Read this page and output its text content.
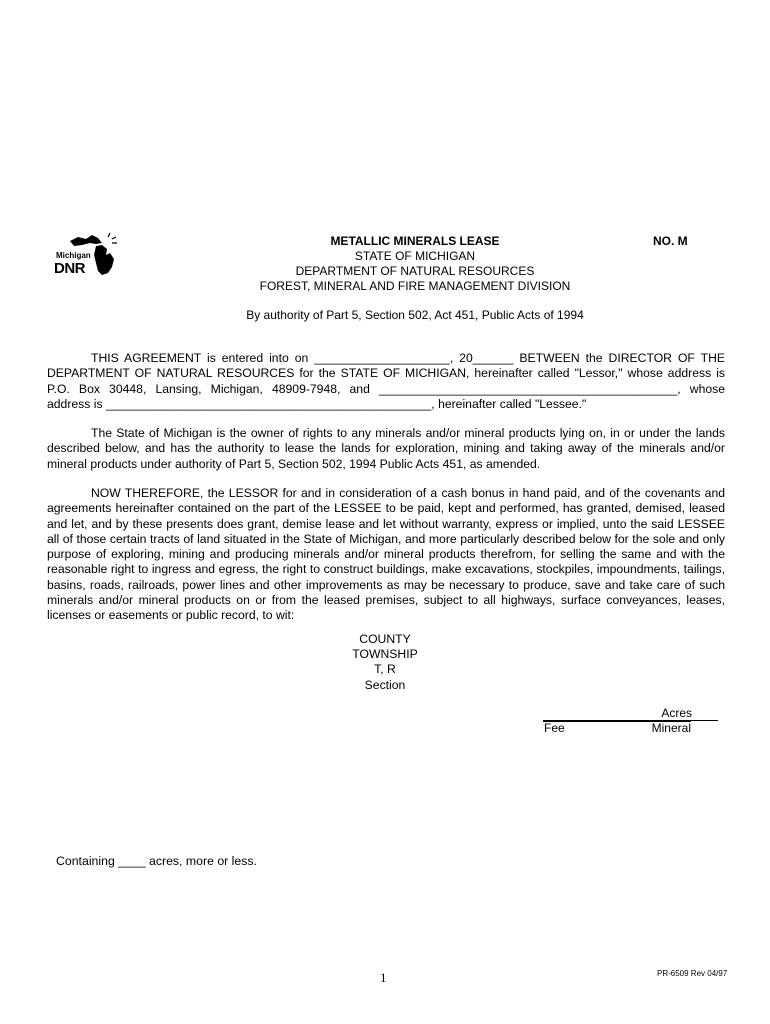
Michigan
DNR
METALLIC MINERALS LEASE	NO. M
STATE OF MICHIGAN
DEPARTMENT OF NATURAL RESOURCES
FOREST, MINERAL AND FIRE MANAGEMENT DIVISION
By authority of Part 5, Section 502, Act 451, Public Acts of 1994
THIS AGREEMENT is entered into on ____________________, 20______ BETWEEN the DIRECTOR OF THE DEPARTMENT OF NATURAL RESOURCES for the STATE OF MICHIGAN, hereinafter called "Lessor," whose address is P.O. Box 30448, Lansing, Michigan, 48909-7948, and ____________________________________________, whose address is ________________________________________________, hereinafter called "Lessee."
The State of Michigan is the owner of rights to any minerals and/or mineral products lying on, in or under the lands described below, and has the authority to lease the lands for exploration, mining and taking away of the minerals and/or mineral products under authority of Part 5, Section 502, 1994 Public Acts 451, as amended.
NOW THEREFORE, the LESSOR for and in consideration of a cash bonus in hand paid, and of the covenants and agreements hereinafter contained on the part of the LESSEE to be paid, kept and performed, has granted, demised, leased and let, and by these presents does grant, demise lease and let without warranty, express or implied, unto the said LESSEE all of those certain tracts of land situated in the State of Michigan, and more particularly described below for the sole and only purpose of exploring, mining and producing minerals and/or mineral products therefrom, for selling the same and with the reasonable right to ingress and egress, the right to construct buildings, make excavations, stockpiles, impoundments, tailings, basins, roads, railroads, power lines and other improvements as may be necessary to produce, save and take care of such minerals and/or mineral products on or from the leased premises, subject to all highways, surface conveyances, leases, licenses or easements or public record, to wit:
COUNTY
TOWNSHIP
T, R
Section
Acres
Fee	Mineral
Containing ____ acres, more or less.
1	PR-6509 Rev 04/97
